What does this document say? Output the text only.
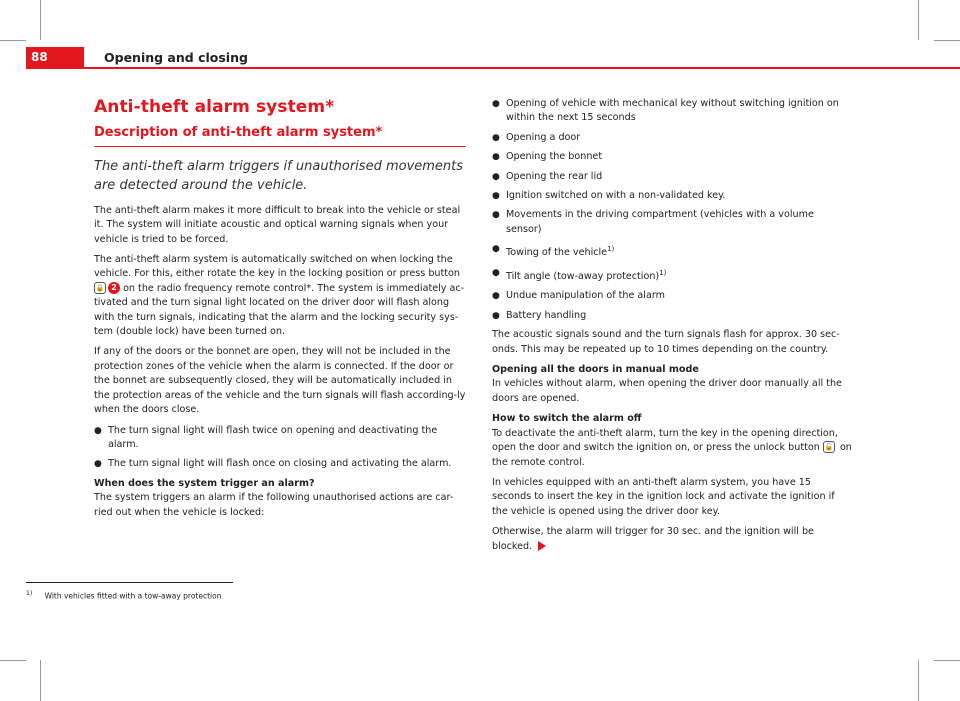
88	Opening and closing
Anti-theft alarm system*
Description of anti-theft alarm system*
The anti-theft alarm triggers if unauthorised movements are detected around the vehicle.

The anti-theft alarm makes it more difficult to break into the vehicle or steal it. The system will initiate acoustic and optical warning signals when your vehicle is tried to be forced.

The anti-theft alarm system is automatically switched on when locking the vehicle. For this, either rotate the key in the locking position or press button 🔒 2 on the radio frequency remote control*. The system is immediately ac-tivated and the turn signal light located on the driver door will flash along with the turn signals, indicating that the alarm and the locking security sys-tem (double lock) have been turned on.

If any of the doors or the bonnet are open, they will not be included in the protection zones of the vehicle when the alarm is connected. If the door or the bonnet are subsequently closed, they will be automatically included in the protection areas of the vehicle and the turn signals will flash according-ly when the doors close.

● The turn signal light will flash twice on opening and deactivating the alarm.
● The turn signal light will flash once on closing and activating the alarm.

When does the system trigger an alarm?

The system triggers an alarm if the following unauthorised actions are car-ried out when the vehicle is locked:

● Opening of vehicle with mechanical key without switching ignition on within the next 15 seconds
● Opening a door
● Opening the bonnet
● Opening the rear lid
● Ignition switched on with a non-validated key.
● Movements in the driving compartment (vehicles with a volume sensor)
● Towing of the vehicle$^{1)}$
● Tilt angle (tow-away protection)$^{1)}$
● Undue manipulation of the alarm
● Battery handling

The acoustic signals sound and the turn signals flash for approx. 30 sec-onds. This may be repeated up to 10 times depending on the country.

Opening all the doors in manual mode

In vehicles without alarm, when opening the driver door manually all the doors are opened.

How to switch the alarm off

To deactivate the anti-theft alarm, turn the key in the opening direction, open the door and switch the ignition on, or press the unlock button 🔓 on the remote control.

In vehicles equipped with an anti-theft alarm system, you have 15 seconds to insert the key in the ignition lock and activate the ignition if the vehicle is opened using the driver door key.

Otherwise, the alarm will trigger for 30 sec. and the ignition will be blocked.

$^{1)}$ With vehicles fitted with a tow-away protection
